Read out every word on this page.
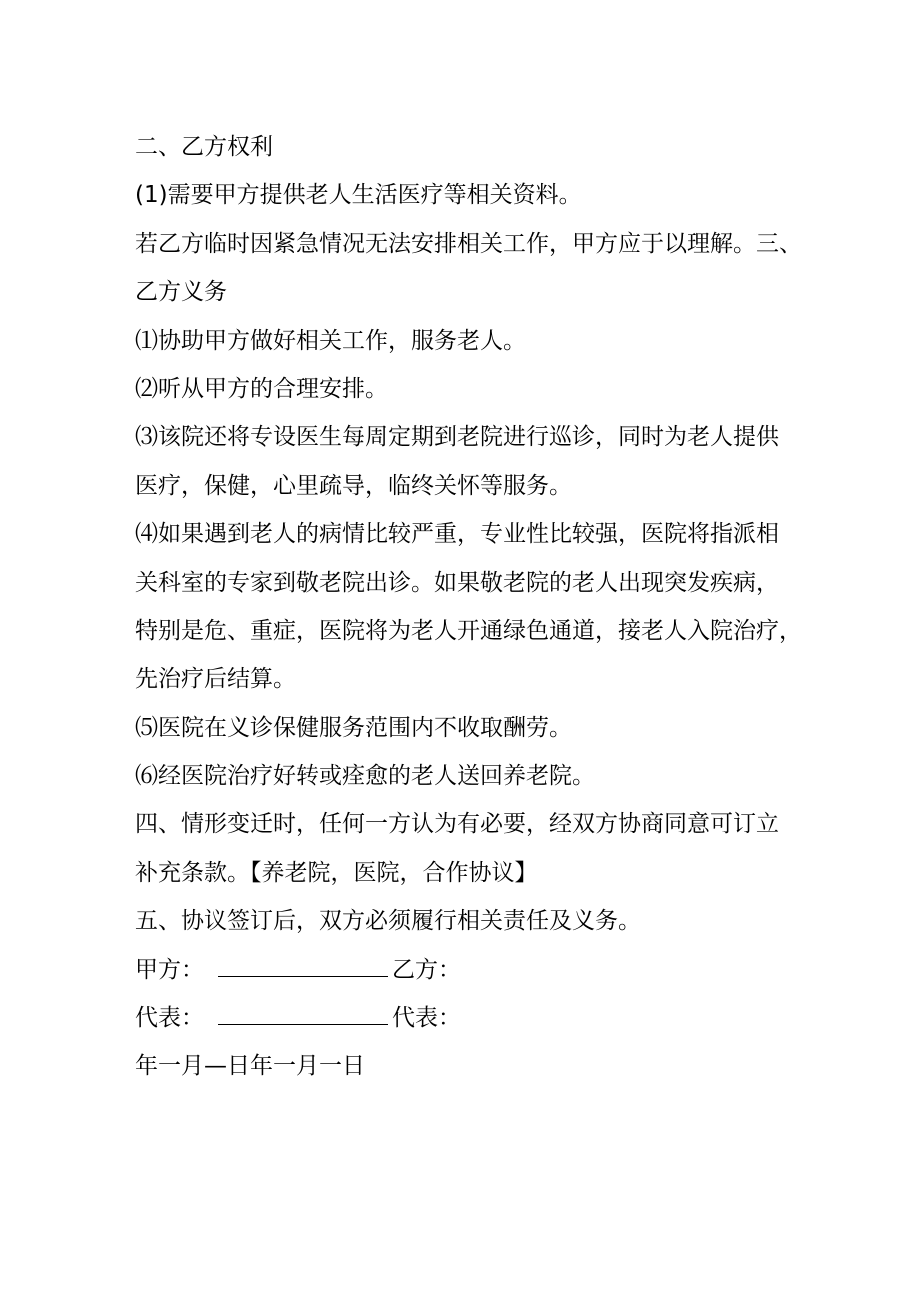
二、乙方权利
(1)需要甲方提供老人生活医疗等相关资料。
若乙方临时因紧急情况无法安排相关工作，甲方应于以理解。三、
乙方义务
⑴协助甲方做好相关工作，服务老人。
⑵听从甲方的合理安排。
⑶该院还将专设医生每周定期到老院进行巡诊，同时为老人提供
医疗，保健，心里疏导，临终关怀等服务。
⑷如果遇到老人的病情比较严重，专业性比较强，医院将指派相
关科室的专家到敬老院出诊。如果敬老院的老人出现突发疾病，
特别是危、重症，医院将为老人开通绿色通道，接老人入院治疗，
先治疗后结算。
⑸医院在义诊保健服务范围内不收取酬劳。
⑹经医院治疗好转或痊愈的老人送回养老院。
四、情形变迁时，任何一方认为有必要，经双方协商同意可订立
补充条款。【养老院，医院，合作协议】
五、协议签订后，双方必须履行相关责任及义务。
甲方：	乙方：
代表：	代表：
年一月—日年一月一日
